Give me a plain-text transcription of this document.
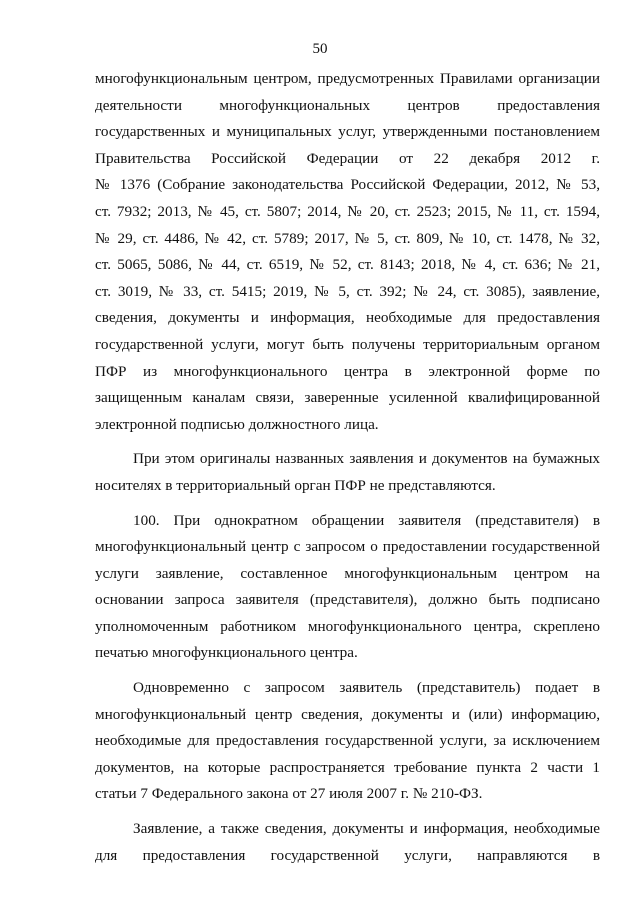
50
многофункциональным центром, предусмотренных Правилами организации
деятельности многофункциональных центров предоставления
государственных и муниципальных услуг, утвержденными постановлением
Правительства Российской Федерации от 22 декабря 2012 г.
№ 1376 (Собрание законодательства Российской Федерации, 2012, № 53,
ст. 7932; 2013, № 45, ст. 5807; 2014, № 20, ст. 2523; 2015, № 11, ст. 1594,
№ 29, ст. 4486, № 42, ст. 5789; 2017, № 5, ст. 809, № 10, ст. 1478, № 32,
ст. 5065, 5086, № 44, ст. 6519, № 52, ст. 8143; 2018, № 4, ст. 636; № 21,
ст. 3019, № 33, ст. 5415; 2019, № 5, ст. 392; № 24, ст. 3085), заявление,
сведения, документы и информация, необходимые для предоставления
государственной услуги, могут быть получены территориальным органом
ПФР из многофункционального центра в электронной форме по
защищенным каналам связи, заверенные усиленной квалифицированной
электронной подписью должностного лица.
При этом оригиналы названных заявления и документов на бумажных
носителях в территориальный орган ПФР не представляются.
100. При однократном обращении заявителя (представителя) в
многофункциональный центр с запросом о предоставлении государственной
услуги заявление, составленное многофункциональным центром на
основании запроса заявителя (представителя), должно быть подписано
уполномоченным работником многофункционального центра, скреплено
печатью многофункционального центра.
Одновременно с запросом заявитель (представитель) подает в
многофункциональный центр сведения, документы и (или) информацию,
необходимые для предоставления государственной услуги, за исключением
документов, на которые распространяется требование пункта 2 части 1
статьи 7 Федерального закона от 27 июля 2007 г. № 210-ФЗ.
Заявление, а также сведения, документы и информация, необходимые
для предоставления государственной услуги, направляются в
